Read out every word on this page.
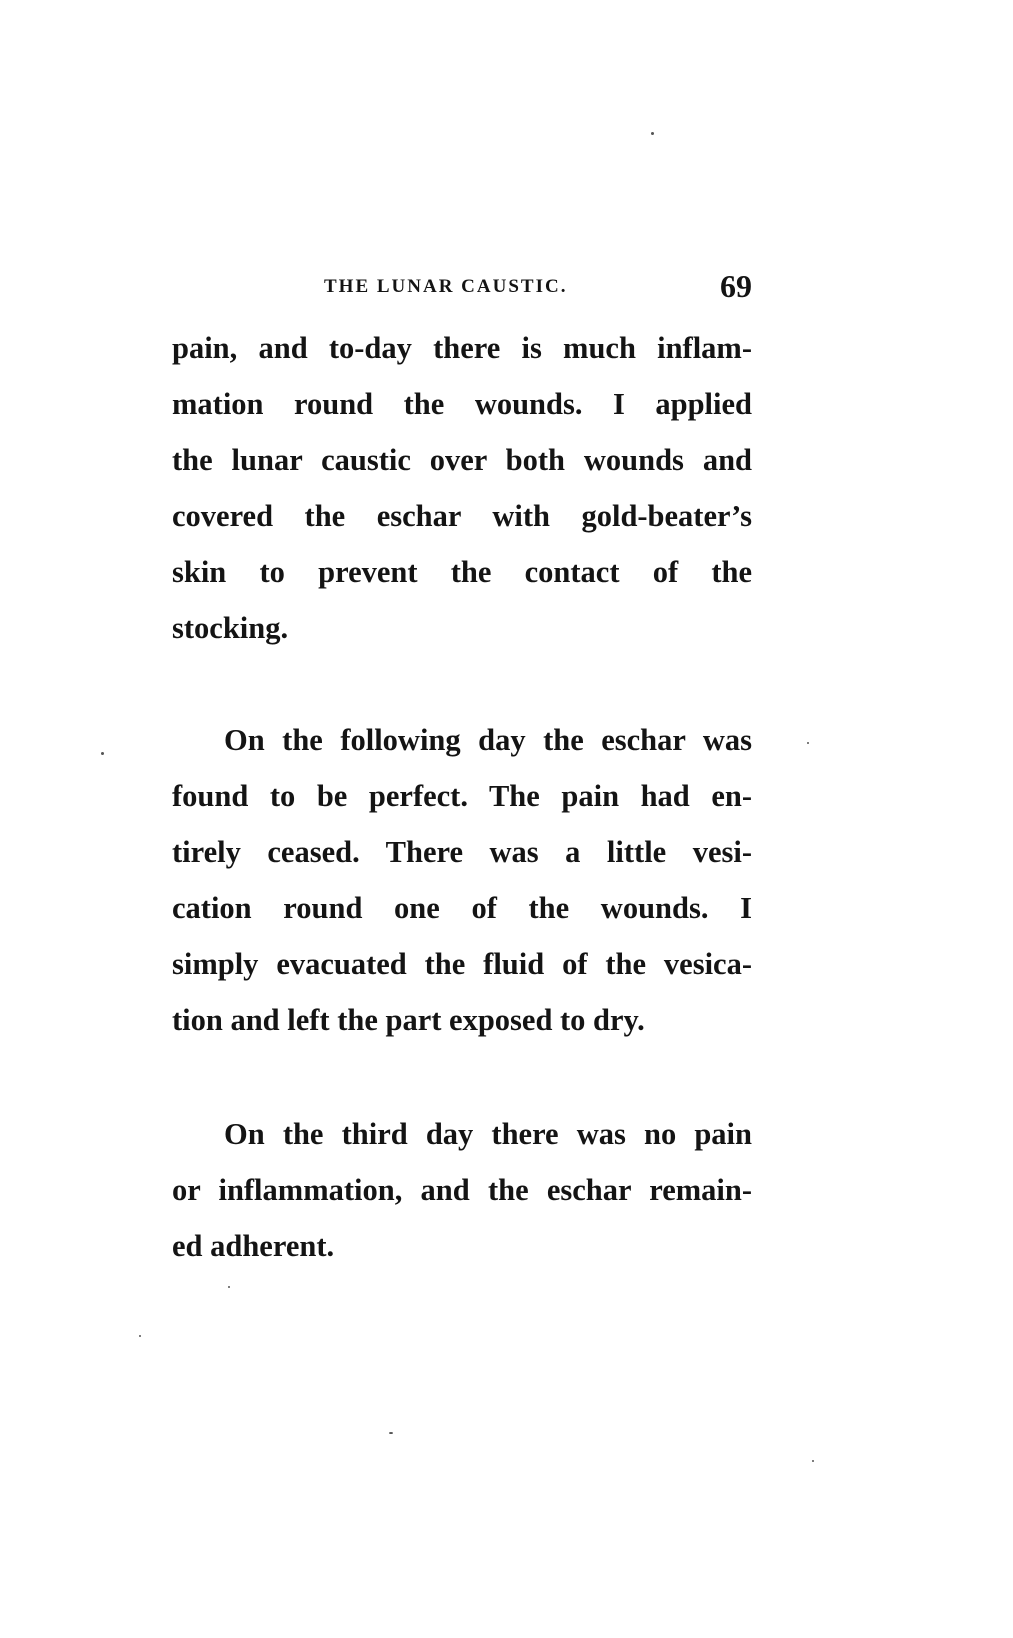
THE LUNAR CAUSTIC.	69
pain, and to-day there is much inflam-
mation round the wounds. I applied
the lunar caustic over both wounds and
covered the eschar with gold-beater’s
skin to prevent the contact of the
stocking.
On the following day the eschar was
found to be perfect. The pain had en-
tirely ceased. There was a little vesi-
cation round one of the wounds. I
simply evacuated the fluid of the vesica-
tion and left the part exposed to dry.
On the third day there was no pain
or inflammation, and the eschar remain-
ed adherent.
